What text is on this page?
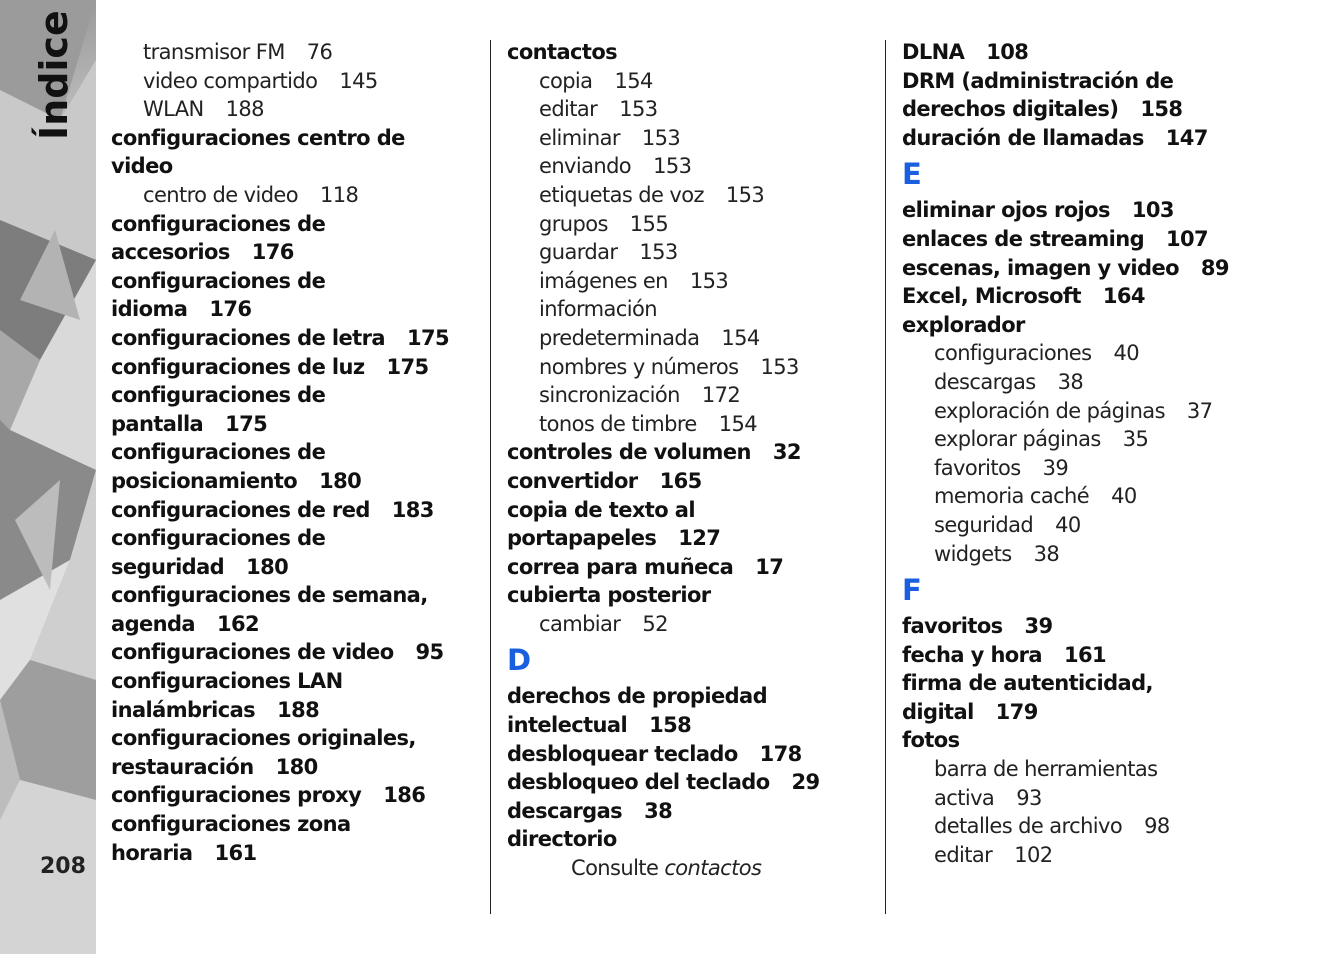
Índice
208
transmisor FM 76
video compartido 145
WLAN 188
configuraciones centro de
video
centro de video 118
configuraciones de
accesorios 176
configuraciones de
idioma 176
configuraciones de letra 175
configuraciones de luz 175
configuraciones de
pantalla 175
configuraciones de
posicionamiento 180
configuraciones de red 183
configuraciones de
seguridad 180
configuraciones de semana,
agenda 162
configuraciones de video 95
configuraciones LAN
inalámbricas 188
configuraciones originales,
restauración 180
configuraciones proxy 186
configuraciones zona
horaria 161
contactos
copia 154
editar 153
eliminar 153
enviando 153
etiquetas de voz 153
grupos 155
guardar 153
imágenes en 153
información
predeterminada 154
nombres y números 153
sincronización 172
tonos de timbre 154
controles de volumen 32
convertidor 165
copia de texto al
portapapeles 127
correa para muñeca 17
cubierta posterior
cambiar 52
D
derechos de propiedad
intelectual 158
desbloquear teclado 178
desbloqueo del teclado 29
descargas 38
directorio
Consulte contactos
DLNA 108
DRM (administración de
derechos digitales) 158
duración de llamadas 147
E
eliminar ojos rojos 103
enlaces de streaming 107
escenas, imagen y video 89
Excel, Microsoft 164
explorador
configuraciones 40
descargas 38
exploración de páginas 37
explorar páginas 35
favoritos 39
memoria caché 40
seguridad 40
widgets 38
F
favoritos 39
fecha y hora 161
firma de autenticidad,
digital 179
fotos
barra de herramientas
activa 93
detalles de archivo 98
editar 102
